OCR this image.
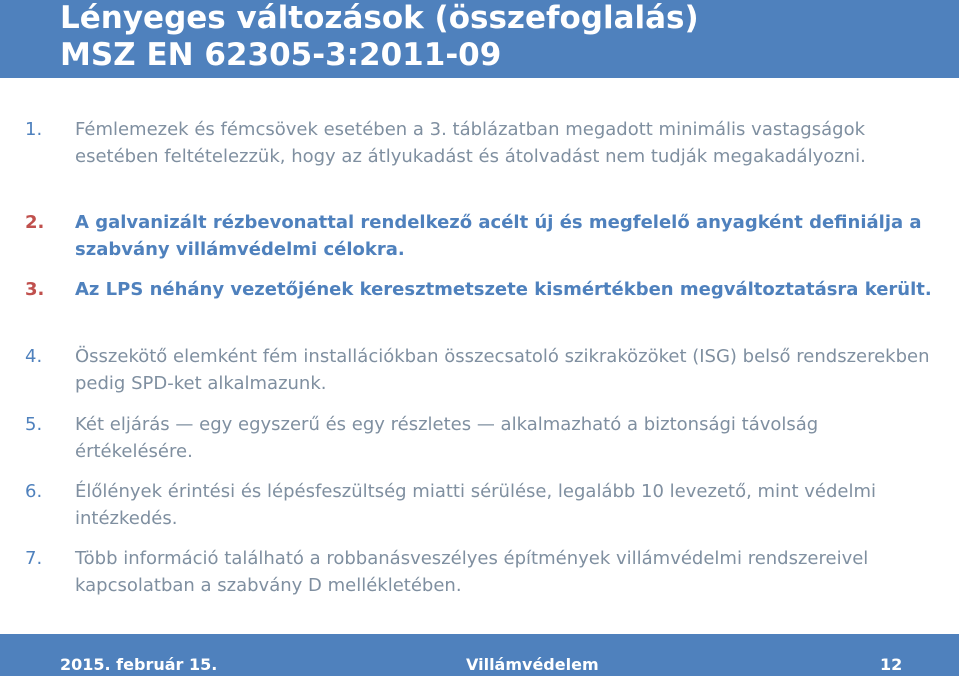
Lényeges változások (összefoglalás)
MSZ EN 62305-3:2011-09
1. Fémlemezek és fémcsövek esetében a 3. táblázatban megadott minimális vastagságok esetében feltételezzük, hogy az átlyukadást és átolvadást nem tudják megakadályozni.
2. A galvanizált rézbevonattal rendelkező acélt új és megfelelő anyagként definiálja a szabvány villámvédelmi célokra.
3. Az LPS néhány vezetőjének keresztmetszete kismértékben megváltoztatásra került.
4. Összekötő elemként fém installációkban összecsatoló szikraközöket (ISG) belső rendszerekben pedig SPD-ket alkalmazunk.
5. Két eljárás — egy egyszerű és egy részletes — alkalmazható a biztonsági távolság értékelésére.
6. Élőlények érintési és lépésfeszültség miatti sérülése, legalább 10 levezető, mint védelmi intézkedés.
7. Több információ található a robbanásveszélyes építmények villámvédelmi rendszereivel kapcsolatban a szabvány D mellékletében.
2015. február 15.	Villámvédelem	12
